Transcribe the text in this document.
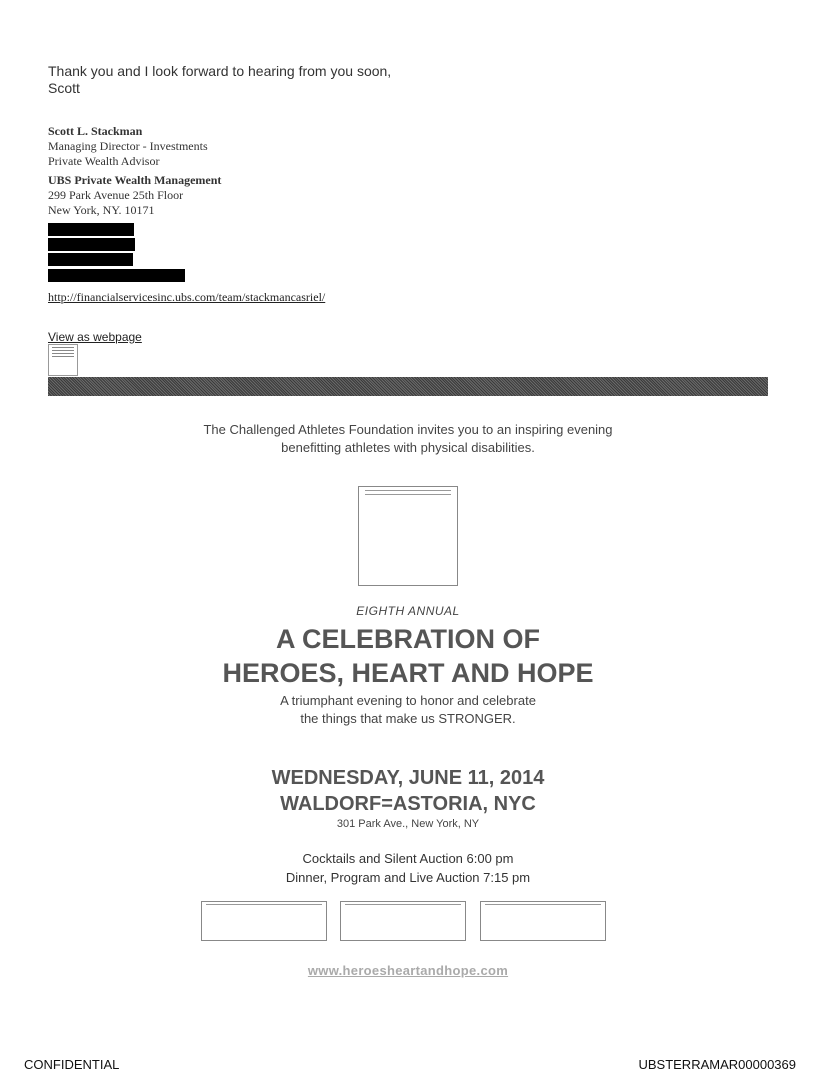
Thank you and I look forward to hearing from you soon,
Scott
Scott L. Stackman
Managing Director - Investments
Private Wealth Advisor
UBS Private Wealth Management
299 Park Avenue 25th Floor
New York, NY. 10171
http://financialservicesinc.ubs.com/team/stackmancasriel/
View as webpage
The Challenged Athletes Foundation invites you to an inspiring evening
benefitting athletes with physical disabilities.
EIGHTH ANNUAL
A CELEBRATION OF
HEROES, HEART AND HOPE
A triumphant evening to honor and celebrate
the things that make us STRONGER.
WEDNESDAY, JUNE 11, 2014
WALDORF=ASTORIA, NYC
301 Park Ave., New York, NY
Cocktails and Silent Auction 6:00 pm
Dinner, Program and Live Auction 7:15 pm
www.heroesheartandhope.com
CONFIDENTIAL	UBSTERRAMAR00000369
